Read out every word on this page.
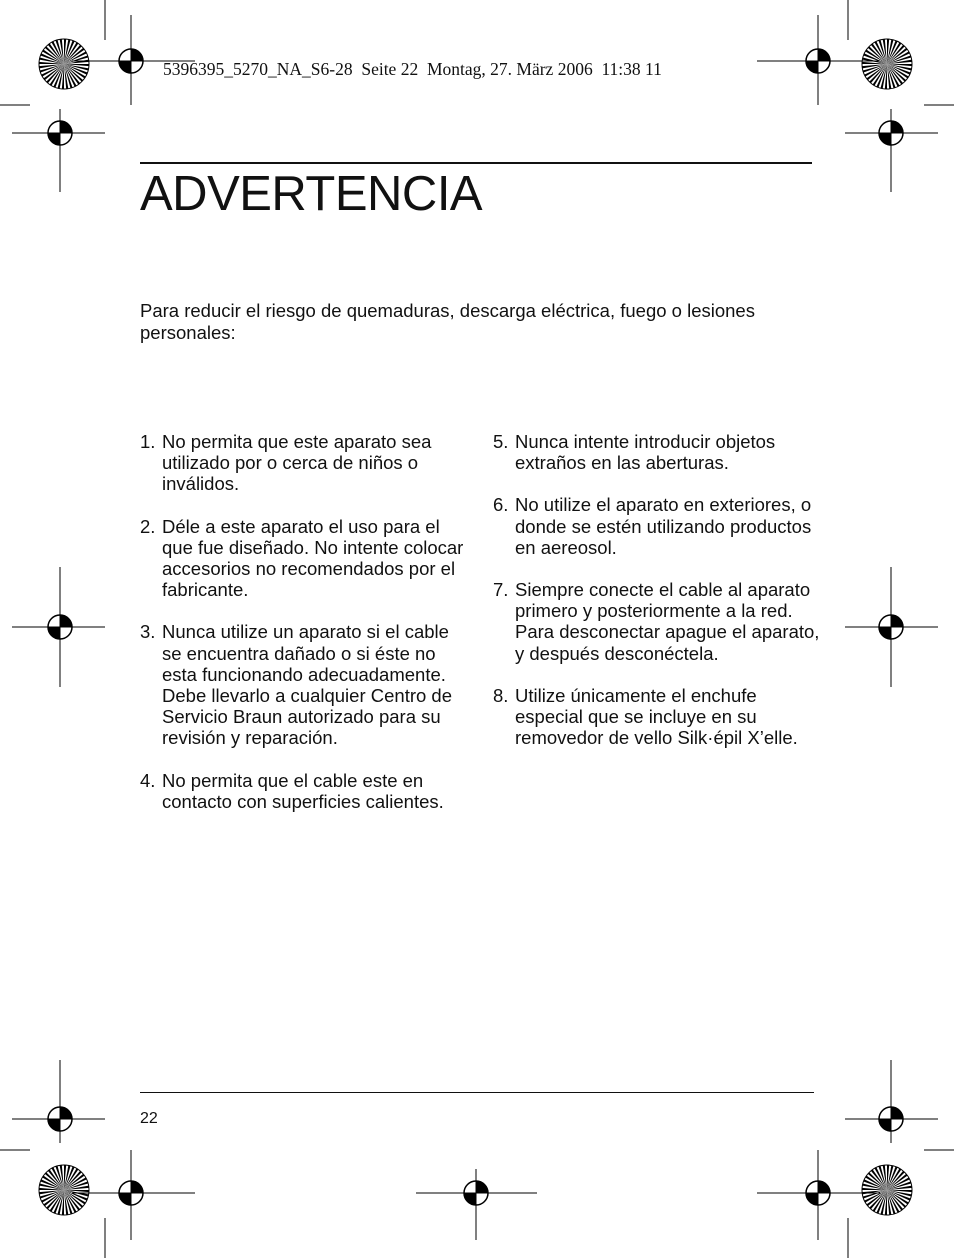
5396395_5270_NA_S6-28  Seite 22  Montag, 27. März 2006  11:38 11
ADVERTENCIA

Para reducir el riesgo de quemaduras, descarga eléctrica, fuego o lesiones personales:

1. No permita que este aparato sea utilizado por o cerca de niños o inválidos.
2. Déle a este aparato el uso para el que fue diseñado. No intente colocar accesorios no recomendados por el fabricante.
3. Nunca utilize un aparato si el cable se encuentra dañado o si éste no esta funcionando adecuadamente. Debe llevarlo a cualquier Centro de Servicio Braun autorizado para su revisión y reparación.
4. No permita que el cable este en contacto con superficies calientes.
5. Nunca intente introducir objetos extraños en las aberturas.
6. No utilize el aparato en exteriores, o donde se estén utilizando productos en aereosol.
7. Siempre conecte el cable al aparato primero y posteriormente a la red. Para desconectar apague el aparato, y después desconéctela.
8. Utilize únicamente el enchufe especial que se incluye en su removedor de vello Silk·épil X’elle.
22
